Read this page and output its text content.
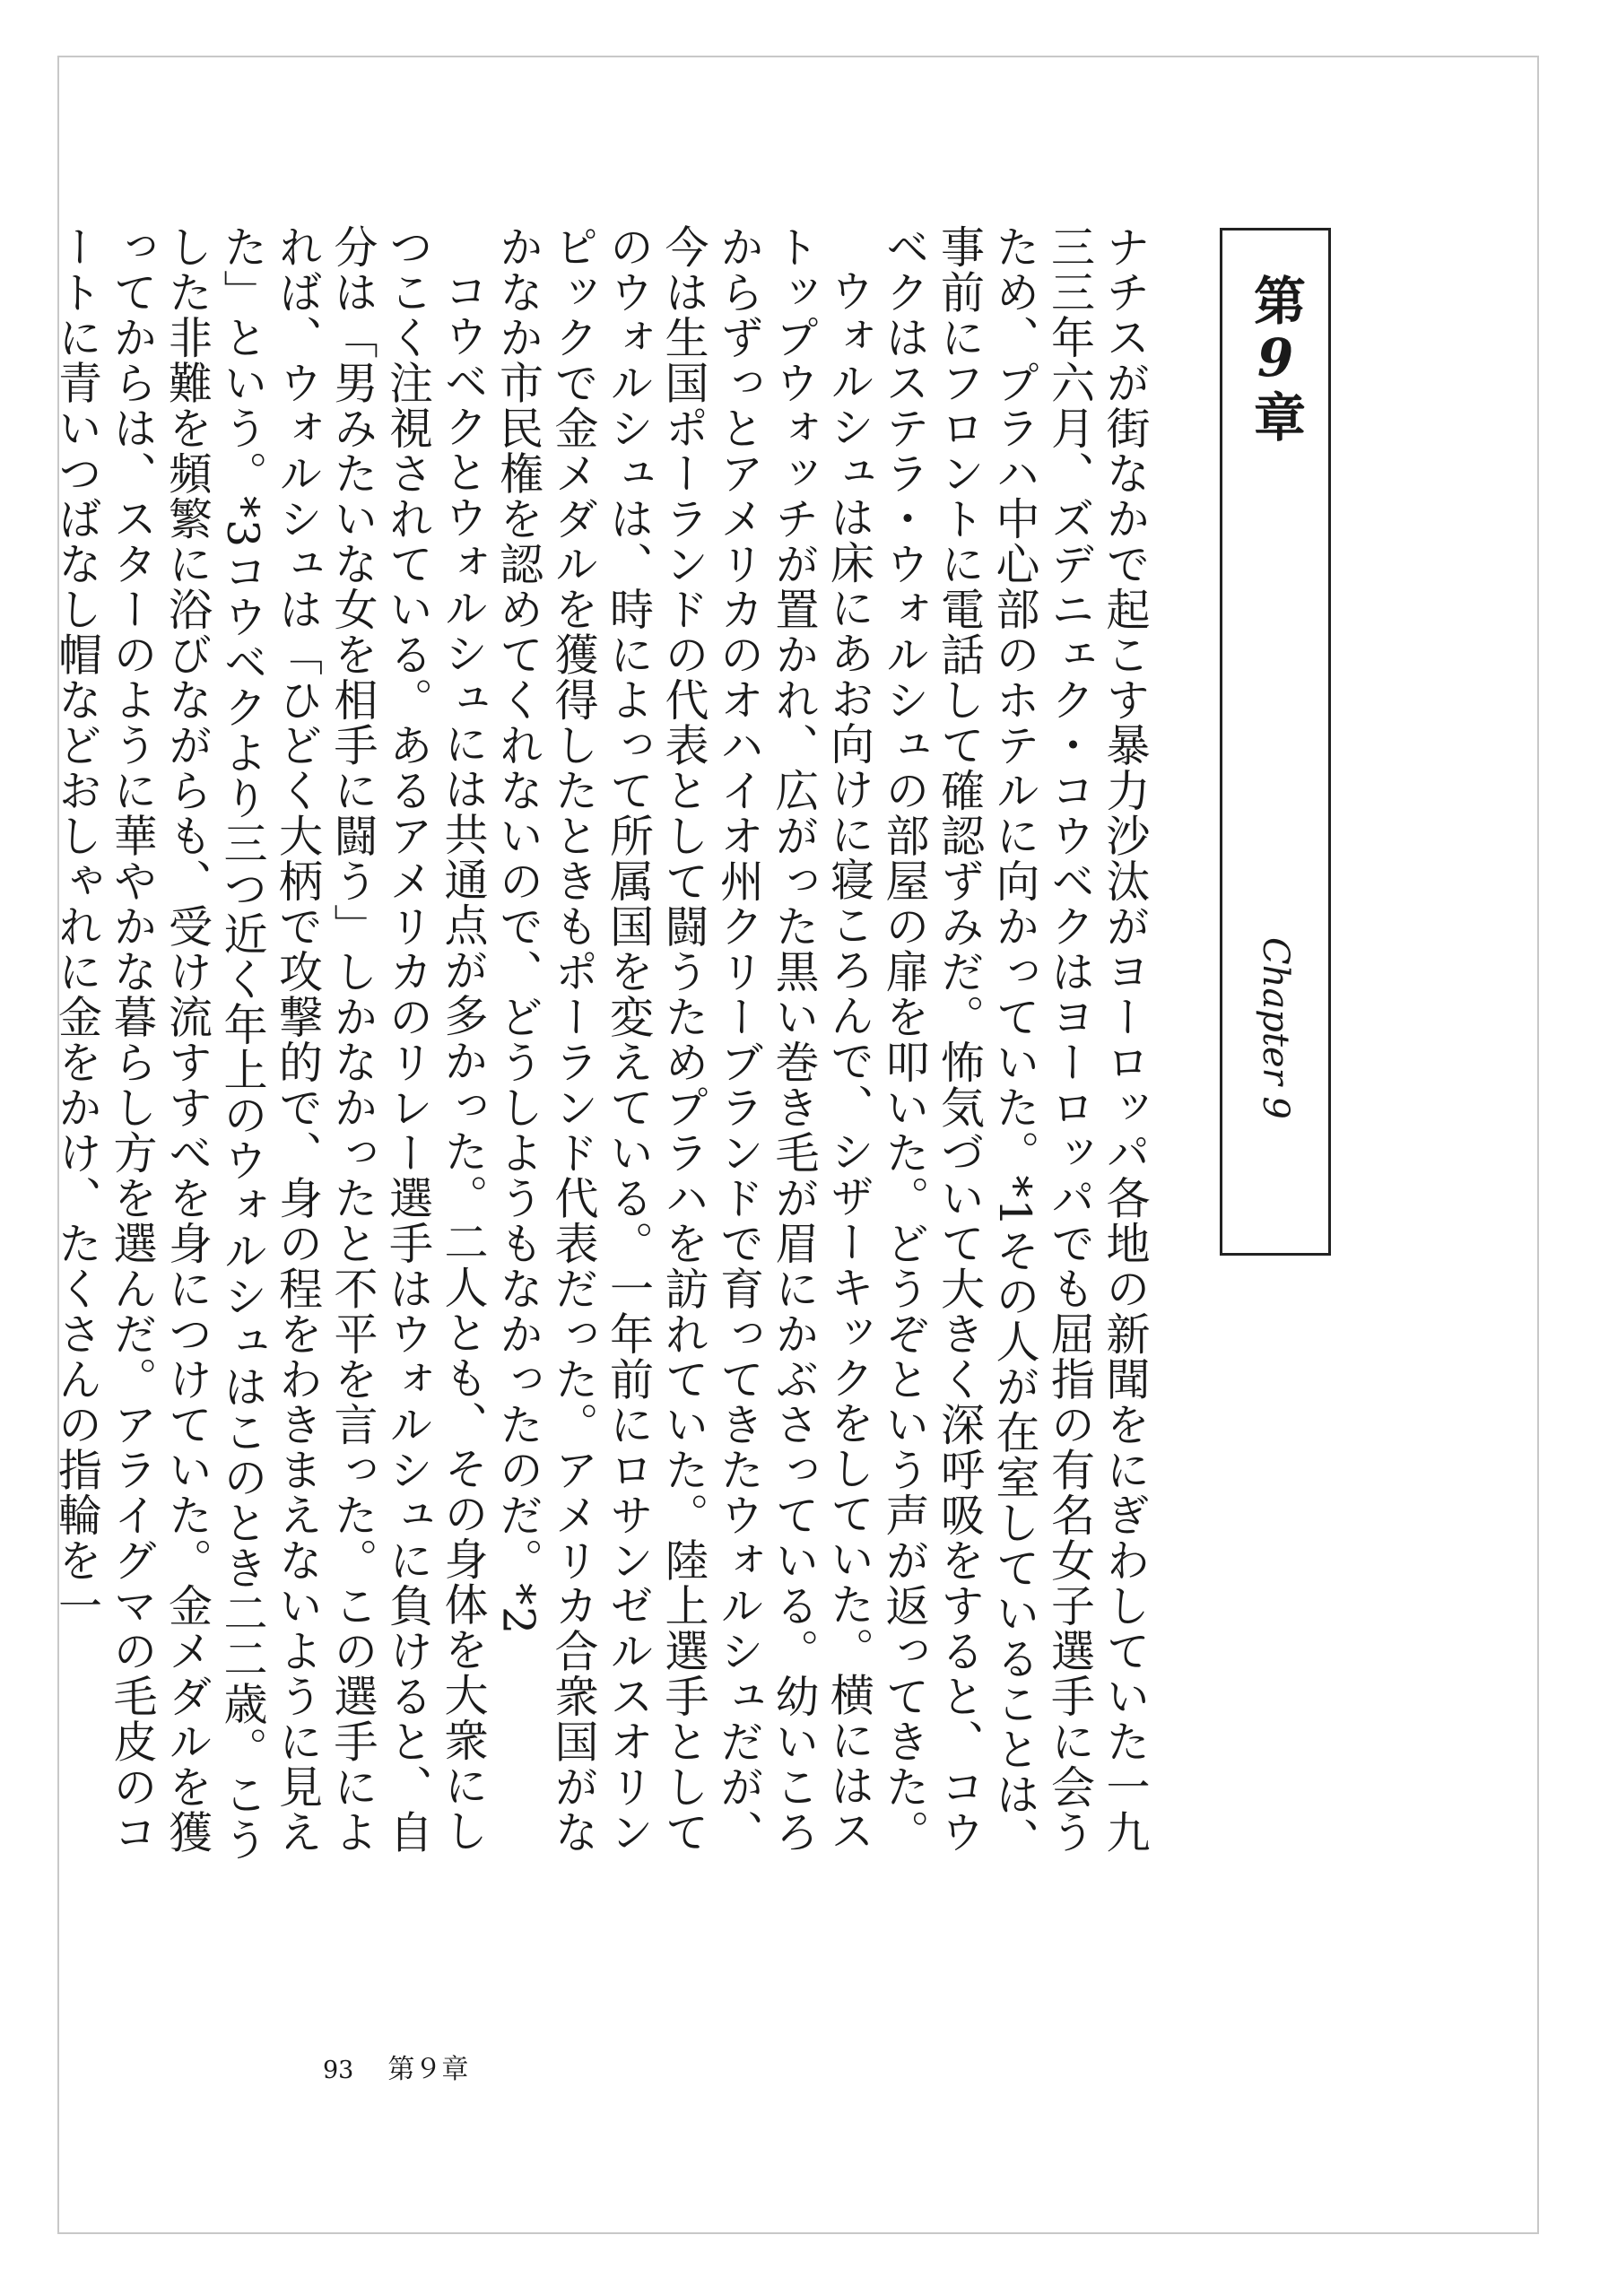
第9章
Chapter 9

ナチスが街なかで起こす暴力沙汰がヨーロッパ各地の新聞をにぎわしていた一九三三年六月、ズデニェク・コウベクはヨーロッパでも屈指の有名女子選手に会うため、プラハ中心部のホテルに向かっていた。*1その人が在室していることは、事前にフロントに電話して確認ずみだ。怖気づいて大きく深呼吸をすると、コウベクはステラ・ウォルシュの部屋の扉を叩いた。どうぞという声が返ってきた。

ウォルシュは床にあお向けに寝ころんで、シザーキックをしていた。横にはストップウォッチが置かれ、広がった黒い巻き毛が眉にかぶさっている。幼いころからずっとアメリカのオハイオ州クリーブランドで育ってきたウォルシュだが、今は生国ポーランドの代表として闘うためプラハを訪れていた。陸上選手としてのウォルシュは、時によって所属国を変えている。一年前にロサンゼルスオリンピックで金メダルを獲得したときもポーランド代表だった。アメリカ合衆国がなかなか市民権を認めてくれないので、どうしようもなかったのだ。*2

コウベクとウォルシュには共通点が多かった。二人とも、その身体を大衆にしつこく注視されている。あるアメリカのリレー選手はウォルシュに負けると、自分は「男みたいな女を相手に闘う」しかなかったと不平を言った。この選手によれば、ウォルシュは「ひどく大柄で攻撃的で、身の程をわきまえないように見えた」という。*3コウベクより三つ近く年上のウォルシュはこのとき二二歳。こうした非難を頻繁に浴びながらも、受け流すすべを身につけていた。金メダルを獲ってからは、スターのように華やかな暮らし方を選んだ。アライグマの毛皮のコートに青いつばなし帽などおしゃれに金をかけ、たくさんの指輪を一

93 第９章
